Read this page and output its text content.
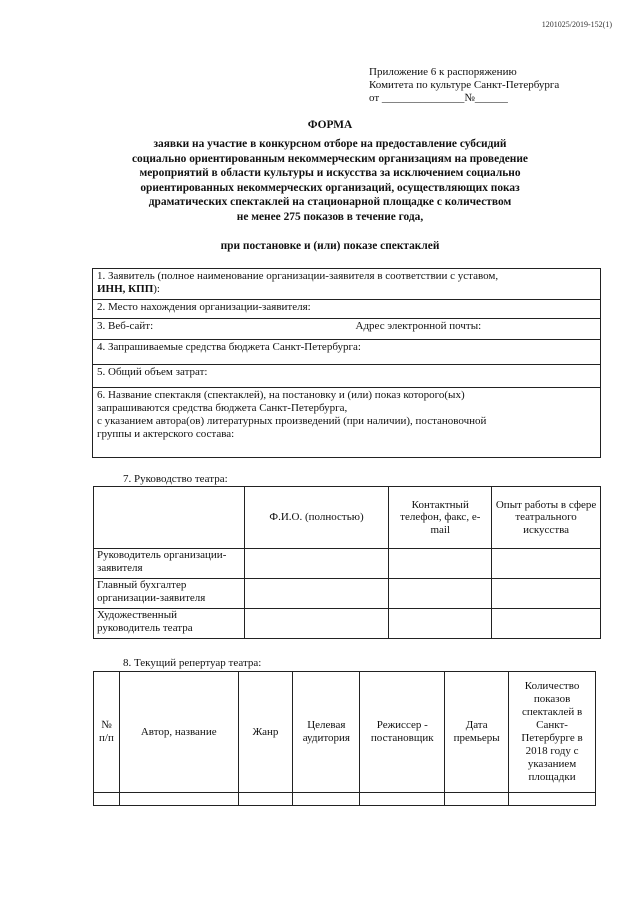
1201025/2019-152(1)
Приложение 6 к распоряжению
Комитета по культуре Санкт-Петербурга
от _______________№______
ФОРМА
заявки на участие в конкурсном отборе на предоставление субсидий
социально ориентированным некоммерческим организациям на проведение
мероприятий в области культуры и искусства за исключением социально
ориентированных некоммерческих организаций, осуществляющих показ
драматических спектаклей на стационарной площадке с количеством
не менее 275 показов в течение года,
при постановке и (или) показе спектаклей
1. Заявитель (полное наименование организации-заявителя в соответствии с уставом,
ИНН, КПП):

2. Место нахождения организации-заявителя:
3. Веб-сайт:	Адрес электронной почты:

4. Запрашиваемые средства бюджета Санкт-Петербурга:
5. Общий объем затрат:

6. Название спектакля (спектаклей), на постановку и (или) показ которого(ых)
запрашиваются средства бюджета Санкт-Петербурга,
с указанием автора(ов) литературных произведений (при наличии), постановочной
группы и актерского состава:
7. Руководство театра:
	Ф.И.О. (полностью)	Контактный телефон, факс, e-mail	Опыт работы в сфере театрального искусства
Руководитель организации-заявителя			
Главный бухгалтер организации-заявителя			
Художественный руководитель театра			
8. Текущий репертуар театра:
№ п/п	Автор, название	Жанр	Целевая аудитория	Режиссер - постановщик	Дата премьеры	Количество показов спектаклей в Санкт-Петербурге в 2018 году с указанием площадки
